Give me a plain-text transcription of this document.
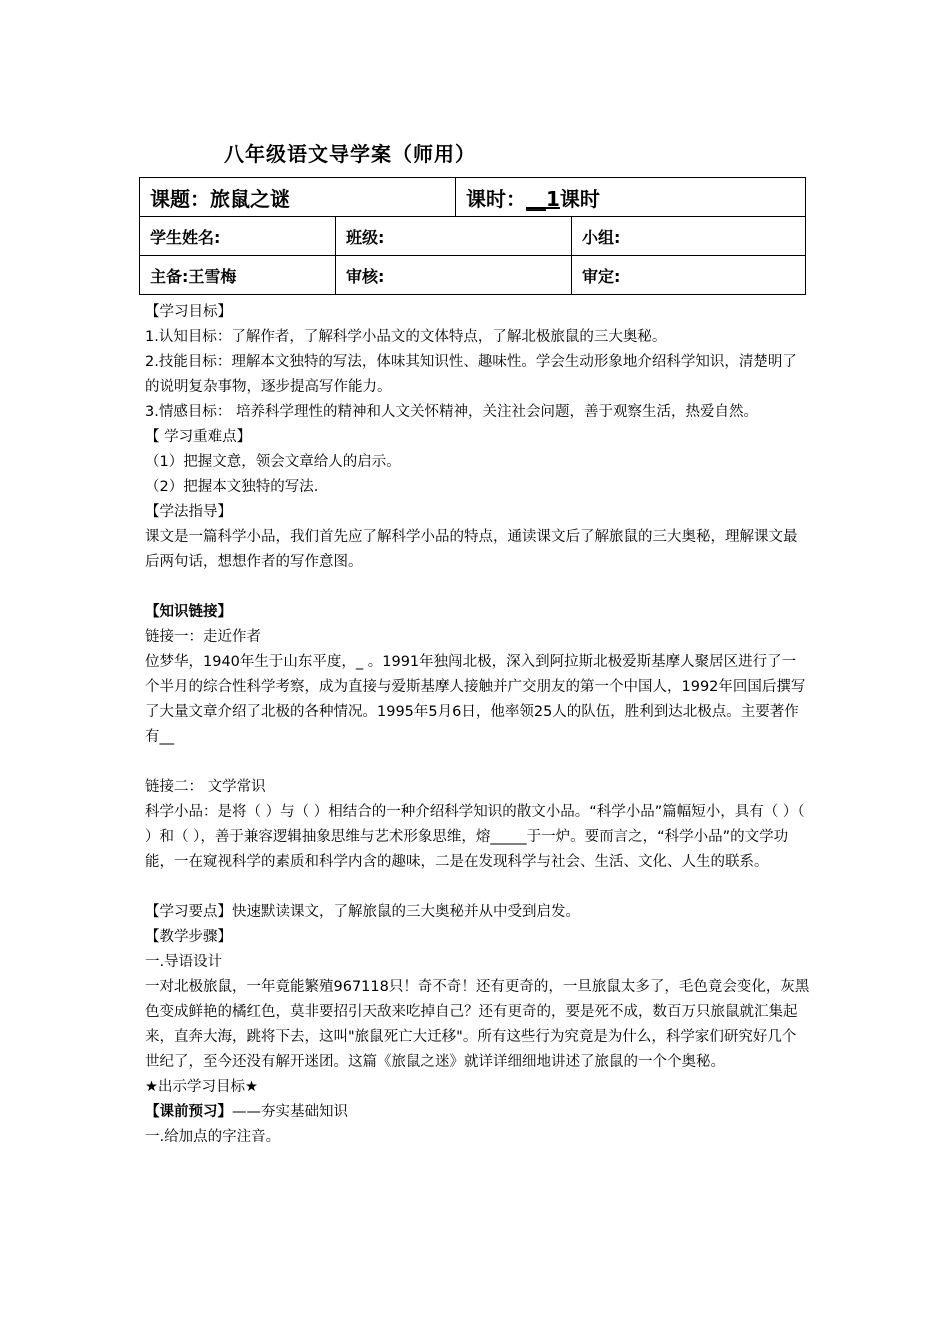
八年级语文导学案（师用）
课题：旅鼠之谜		课时：__1课时	
学生姓名:	班级:		小组:
主备:王雪梅	审核:		审定:
【学习目标】
1.认知目标：了解作者，了解科学小品文的文体特点，了解北极旅鼠的三大奥秘。
2.技能目标：理解本文独特的写法，体味其知识性、趣味性。学会生动形象地介绍科学知识，清楚明了的说明复杂事物，逐步提高写作能力。
3.情感目标： 培养科学理性的精神和人文关怀精神，关注社会问题，善于观察生活，热爱自然。
【 学习重难点】
（1）把握文意，领会文章给人的启示。
（2）把握本文独特的写法.
【学法指导】
课文是一篇科学小品，我们首先应了解科学小品的特点，通读课文后了解旅鼠的三大奥秘，理解课文最后两句话，想想作者的写作意图。
【知识链接】
链接一：走近作者
位梦华，1940年生于山东平度，_ 。1991年独闯北极，深入到阿拉斯北极爱斯基摩人聚居区进行了一个半月的综合性科学考察，成为直接与爱斯基摩人接触并广交朋友的第一个中国人，1992年回国后撰写了大量文章介绍了北极的各种情况。1995年5月6日，他率领25人的队伍，胜利到达北极点。主要著作有__
链接二： 文学常识
科学小品：是将（ ）与（ ）相结合的一种介绍科学知识的散文小品。“科学小品”篇幅短小，具有（ ）（ ）和（ ），善于兼容逻辑抽象思维与艺术形象思维，熔_____于一炉。要而言之，“科学小品”的文学功能，一在窥视科学的素质和科学内含的趣味，二是在发现科学与社会、生活、文化、人生的联系。
【学习要点】快速默读课文，了解旅鼠的三大奥秘并从中受到启发。
【教学步骤】
一.导语设计
一对北极旅鼠，一年竟能繁殖967118只！奇不奇！还有更奇的，一旦旅鼠太多了，毛色竟会变化，灰黑色变成鲜艳的橘红色，莫非要招引天敌来吃掉自己？还有更奇的，要是死不成，数百万只旅鼠就汇集起来，直奔大海，跳将下去，这叫"旅鼠死亡大迁移"。所有这些行为究竟是为什么，科学家们研究好几个世纪了，至今还没有解开迷团。这篇《旅鼠之迷》就详详细细地讲述了旅鼠的一个个奥秘。
★出示学习目标★
【课前预习】——夯实基础知识
一.给加点的字注音。
